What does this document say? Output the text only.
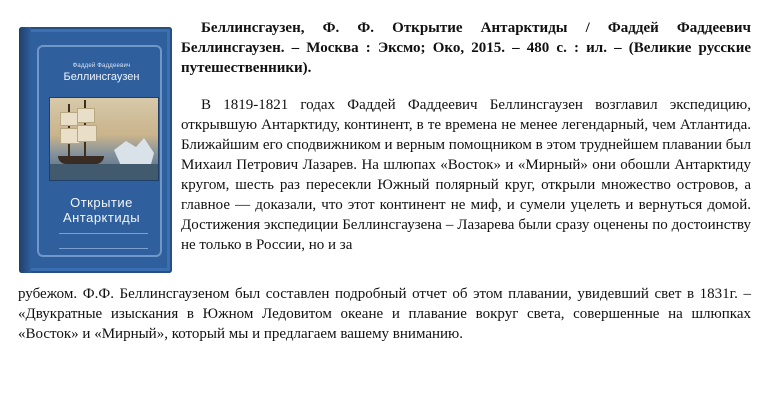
Фаддей Фаддеевич
Беллинсгаузен
Открытие Антарктиды

Беллинсгаузен, Ф. Ф. Открытие Антарктиды / Фаддей Фаддеевич Беллинсгаузен. – Москва : Эксмо; Око, 2015. – 480 с. : ил. – (Великие русские путешественники).

В 1819-1821 годах Фаддей Фаддеевич Беллинсгаузен возглавил экспедицию, открывшую Антарктиду, континент, в те времена не менее легендарный, чем Атлантида. Ближайшим его сподвижником и верным помощником в этом труднейшем плавании был Михаил Петрович Лазарев. На шлюпах «Восток» и «Мирный» они обошли Антарктиду кругом, шесть раз пересекли Южный полярный круг, открыли множество островов, а главное — доказали, что этот континент не миф, и сумели уцелеть и вернуться домой. Достижения экспедиции Беллинсгаузена – Лазарева были сразу оценены по достоинству не только в России, но и за

рубежом. Ф.Ф. Беллинсгаузеном был составлен подробный отчет об этом плавании, увидевший свет в 1831г. – «Двукратные изыскания в Южном Ледовитом океане и плавание вокруг света, совершенные на шлюпках «Восток» и «Мирный», который мы и предлагаем вашему вниманию.
